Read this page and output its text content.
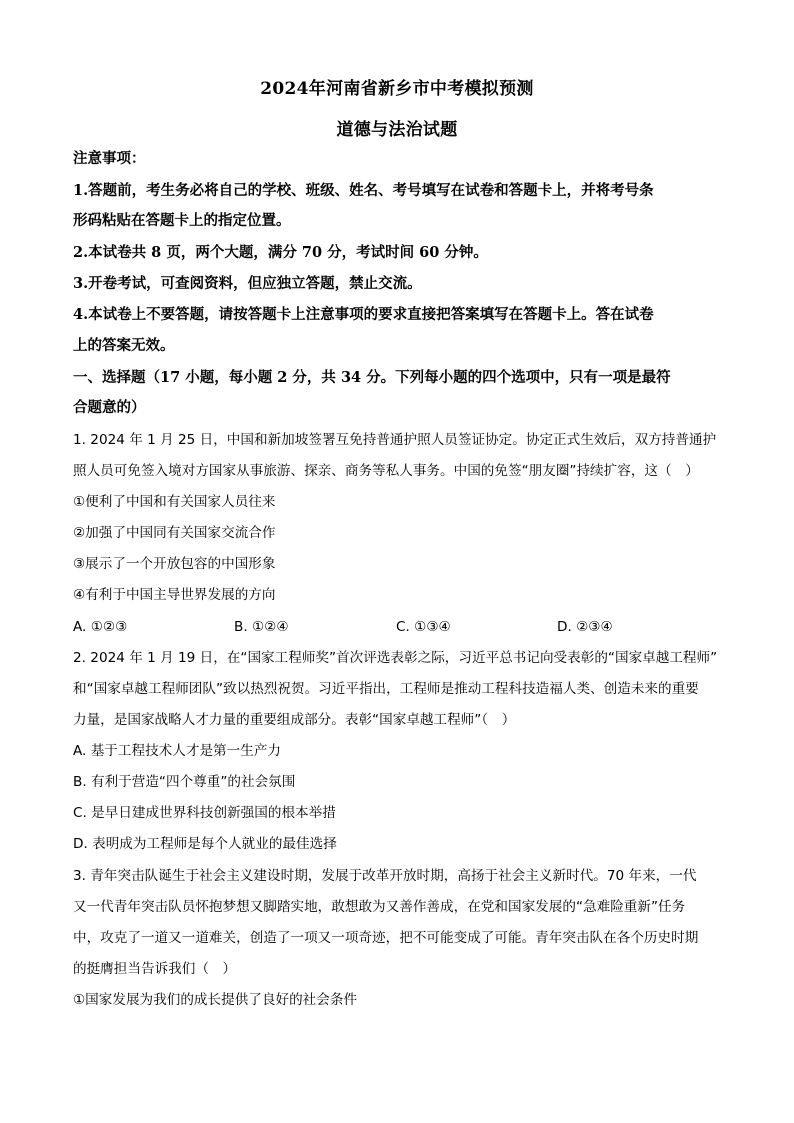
2024年河南省新乡市中考模拟预测
道德与法治试题
注意事项：
1.答题前，考生务必将自己的学校、班级、姓名、考号填写在试卷和答题卡上，并将考号条
形码粘贴在答题卡上的指定位置。
2.本试卷共 8 页，两个大题，满分 70 分，考试时间 60 分钟。
3.开卷考试，可查阅资料，但应独立答题，禁止交流。
4.本试卷上不要答题，请按答题卡上注意事项的要求直接把答案填写在答题卡上。答在试卷
上的答案无效。
一、选择题（17 小题，每小题 2 分，共 34 分。下列每小题的四个选项中，只有一项是最符
合题意的）
1. 2024 年 1 月 25 日，中国和新加坡签署互免持普通护照人员签证协定。协定正式生效后，双方持普通护
照人员可免签入境对方国家从事旅游、探亲、商务等私人事务。中国的免签“朋友圈”持续扩容，这（　）
①便利了中国和有关国家人员往来
②加强了中国同有关国家交流合作
③展示了一个开放包容的中国形象
④有利于中国主导世界发展的方向
A. ①②③	B. ①②④	C. ①③④	D. ②③④
2. 2024 年 1 月 19 日，在“国家工程师奖”首次评选表彰之际，习近平总书记向受表彰的“国家卓越工程师”
和“国家卓越工程师团队”致以热烈祝贺。习近平指出，工程师是推动工程科技造福人类、创造未来的重要
力量，是国家战略人才力量的重要组成部分。表彰“国家卓越工程师”（　）
A. 基于工程技术人才是第一生产力
B. 有利于营造“四个尊重”的社会氛围
C. 是早日建成世界科技创新强国的根本举措
D. 表明成为工程师是每个人就业的最佳选择
3. 青年突击队诞生于社会主义建设时期，发展于改革开放时期，高扬于社会主义新时代。70 年来，一代
又一代青年突击队员怀抱梦想又脚踏实地，敢想敢为又善作善成，在党和国家发展的“急难险重新”任务
中，攻克了一道又一道难关，创造了一项又一项奇迹，把不可能变成了可能。青年突击队在各个历史时期
的挺膺担当告诉我们（　）
①国家发展为我们的成长提供了良好的社会条件
